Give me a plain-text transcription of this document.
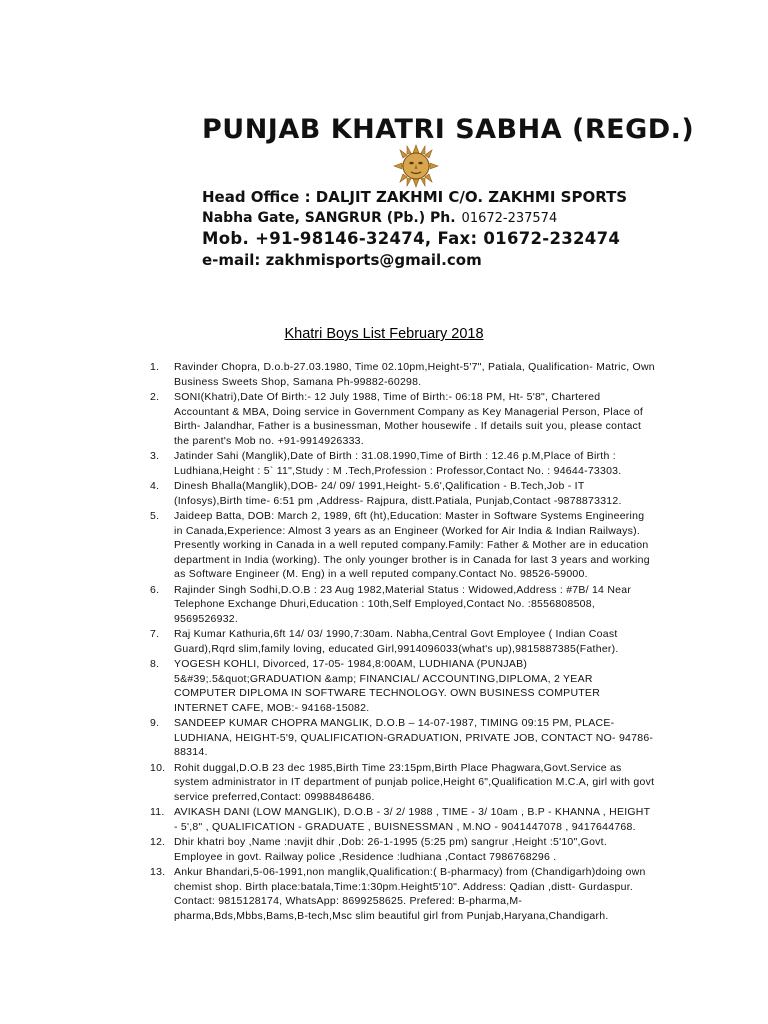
PUNJAB KHATRI SABHA (REGD.)

Head Office : DALJIT ZAKHMI C/O. ZAKHMI SPORTS

Nabha Gate, SANGRUR (Pb.) Ph. 01672-237574

Mob. +91-98146-32474, Fax: 01672-232474

e-mail: zakhmisports@gmail.com

Khatri Boys List February 2018
1. Ravinder Chopra, D.o.b-27.03.1980, Time 02.10pm,Height-5'7", Patiala, Qualification- Matric, Own Business Sweets Shop, Samana Ph-99882-60298.
2. SONI(Khatri),Date Of Birth:- 12 July 1988, Time of Birth:- 06:18 PM, Ht- 5'8", Chartered Accountant & MBA, Doing service in Government Company as Key Managerial Person, Place of Birth- Jalandhar, Father is a businessman, Mother housewife . If details suit you, please contact the parent's Mob no. +91-9914926333.
3. Jatinder Sahi (Manglik),Date of Birth : 31.08.1990,Time of Birth : 12.46 p.M,Place of Birth : Ludhiana,Height : 5` 11",Study : M .Tech,Profession : Professor,Contact No. : 94644-73303.
4. Dinesh Bhalla(Manglik),DOB- 24/ 09/ 1991,Height- 5.6',Qalification - B.Tech,Job - IT (Infosys),Birth time- 6:51 pm ,Address- Rajpura, distt.Patiala, Punjab,Contact -9878873312.
5. Jaideep Batta, DOB: March 2, 1989, 6ft (ht),Education: Master in Software Systems Engineering in Canada,Experience: Almost 3 years as an Engineer (Worked for Air India & Indian Railways). Presently working in Canada in a well reputed company.Family: Father & Mother are in education department in India (working). The only younger brother is in Canada for last 3 years and working as Software Engineer (M. Eng) in a well reputed company.Contact No. 98526-59000.
6. Rajinder Singh Sodhi,D.O.B : 23 Aug 1982,Material Status : Widowed,Address : #7B/ 14 Near Telephone Exchange Dhuri,Education : 10th,Self Employed,Contact No. :8556808508, 9569526932.
7. Raj Kumar Kathuria,6ft 14/ 03/ 1990,7:30am. Nabha,Central Govt Employee ( Indian Coast Guard),Rqrd slim,family loving, educated Girl,9914096033(what's up),9815887385(Father).
8. YOGESH KOHLI, Divorced, 17-05- 1984,8:00AM, LUDHIANA (PUNJAB) 5&#39;.5&quot;GRADUATION &amp; FINANCIAL/ ACCOUNTING,DIPLOMA, 2 YEAR COMPUTER DIPLOMA IN SOFTWARE TECHNOLOGY. OWN BUSINESS COMPUTER INTERNET CAFE, MOB:- 94168-15082.
9. SANDEEP KUMAR CHOPRA MANGLIK, D.O.B – 14-07-1987, TIMING 09:15 PM, PLACE- LUDHIANA, HEIGHT-5'9, QUALIFICATION-GRADUATION, PRIVATE JOB, CONTACT NO- 94786-88314.
10. Rohit duggal,D.O.B 23 dec 1985,Birth Time 23:15pm,Birth Place Phagwara,Govt.Service as system administrator in IT department of punjab police,Height 6",Qualification M.C.A, girl with govt service preferred,Contact: 09988486486.
11. AVIKASH DANI (LOW MANGLIK), D.O.B - 3/ 2/ 1988 , TIME - 3/ 10am , B.P - KHANNA , HEIGHT - 5',8" , QUALIFICATION - GRADUATE , BUISNESSMAN , M.NO - 9041447078 , 9417644768.
12. Dhir khatri boy ,Name :navjit dhir ,Dob: 26-1-1995 (5:25 pm) sangrur ,Height :5'10",Govt. Employee in govt. Railway police ,Residence :ludhiana ,Contact 7986768296 .
13. Ankur Bhandari,5-06-1991,non manglik,Qualification:( B-pharmacy) from (Chandigarh)doing own chemist shop. Birth place:batala,Time:1:30pm.Height5'10". Address: Qadian ,distt- Gurdaspur. Contact: 9815128174, WhatsApp: 8699258625. Prefered: B-pharma,M-pharma,Bds,Mbbs,Bams,B-tech,Msc slim beautiful girl from Punjab,Haryana,Chandigarh.
